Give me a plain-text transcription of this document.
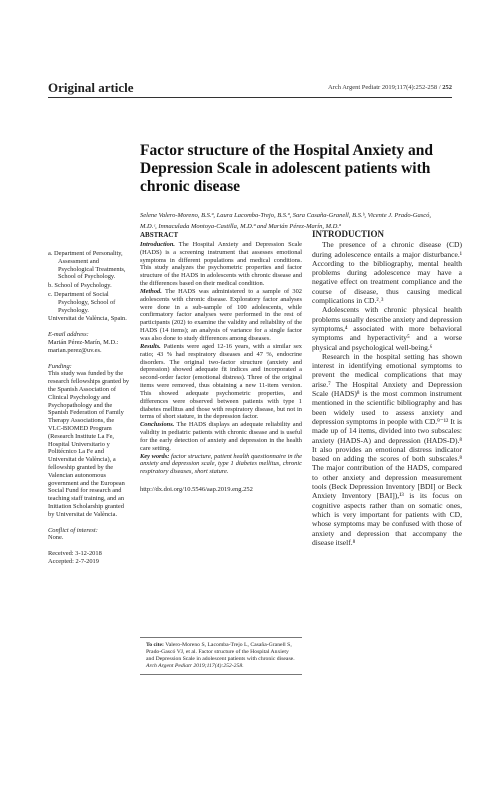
Original article	Arch Argent Pediatr 2019;117(4):252-258 / 252
Factor structure of the Hospital Anxiety and Depression Scale in adolescent patients with chronic disease
Selene Valero-Moreno, B.S.ª, Laura Lacomba-Trejo, B.S.ª, Sara Casaña-Granell, B.S.ᵇ, Vicente J. Prado-Gascó, M.D.ᶜ, Inmaculada Montoya-Castilla, M.D.ª and Marián Pérez-Marín, M.D.ª

a. Department of Personality, Assessment and Psychological Treatments, School of Psychology.

b. School of Psychology.

c. Department of Social Psychology, School of Psychology.

Universitat de València, Spain.
E-mail address:
Marián Pérez-Marín, M.D.: marian.perez@uv.es.
Funding:
This study was funded by the research fellowships granted by the Spanish Association of Clinical Psychology and Psychopathology and the Spanish Federation of Family Therapy Associations, the VLC-BIOMED Program (Research Institute La Fe, Hospital Universitario y Politécnico La Fe and Universitat de València), a fellowship granted by the Valencian autonomous government and the European Social Fund for research and teaching staff training, and an Initiation Scholarship granted by Universitat de València.
Conflict of interest:
None.
Received: 3-12-2018
Accepted: 2-7-2019
ABSTRACT

Introduction. The Hospital Anxiety and Depression Scale (HADS) is a screening instrument that assesses emotional symptoms in different populations and medical conditions. This study analyzes the psychometric properties and factor structure of the HADS in adolescents with chronic disease and the differences based on their medical condition.

Method. The HADS was administered to a sample of 302 adolescents with chronic disease. Exploratory factor analyses were done in a sub-sample of 100 adolescents, while confirmatory factor analyses were performed in the rest of participants (202) to examine the validity and reliability of the HADS (14 items); an analysis of variance for a single factor was also done to study differences among diseases.

Results. Patients were aged 12-16 years, with a similar sex ratio; 43 % had respiratory diseases and 47 %, endocrine disorders. The original two-factor structure (anxiety and depression) showed adequate fit indices and incorporated a second-order factor (emotional distress). Three of the original items were removed, thus obtaining a new 11-item version. This showed adequate psychometric properties, and differences were observed between patients with type 1 diabetes mellitus and those with respiratory disease, but not in terms of short stature, in the depression factor.

Conclusions. The HADS displays an adequate reliability and validity in pediatric patients with chronic disease and is useful for the early detection of anxiety and depression in the health care setting.

Key words: factor structure, patient health questionnaire in the anxiety and depression scale, type 1 diabetes mellitus, chronic respiratory diseases, short stature.

http://dx.doi.org/10.5546/aap.2019.eng.252
To cite: Valero-Moreno S, Lacomba-Trejo L, Casaña-Granell S, Prado-Gascó VJ, et al. Factor structure of the Hospital Anxiety and Depression Scale in adolescent patients with chronic disease. Arch Argent Pediatr 2019;117(4):252-258.
INTRODUCTION

The presence of a chronic disease (CD) during adolescence entails a major disturbance.¹ According to the bibliography, mental health problems during adolescence may have a negative effect on treatment compliance and the course of disease, thus causing medical complications in CD.²˒³

Adolescents with chronic physical health problems usually describe anxiety and depression symptoms,⁴ associated with more behavioral symptoms and hyperactivity⁵ and a worse physical and psychological well-being.⁶

Research in the hospital setting has shown interest in identifying emotional symptoms to prevent the medical complications that may arise.⁷ The Hospital Anxiety and Depression Scale (HADS)⁸ is the most common instrument mentioned in the scientific bibliography and has been widely used to assess anxiety and depression symptoms in people with CD.⁹⁻¹² It is made up of 14 items, divided into two subscales: anxiety (HADS-A) and depression (HADS-D).⁸ It also provides an emotional distress indicator based on adding the scores of both subscales.⁸ The major contribution of the HADS, compared to other anxiety and depression measurement tools (Beck Depression Inventory [BDI] or Beck Anxiety Inventory [BAI]),¹³ is its focus on cognitive aspects rather than on somatic ones, which is very important for patients with CD, whose symptoms may be confused with those of anxiety and depression that accompany the disease itself.⁸
